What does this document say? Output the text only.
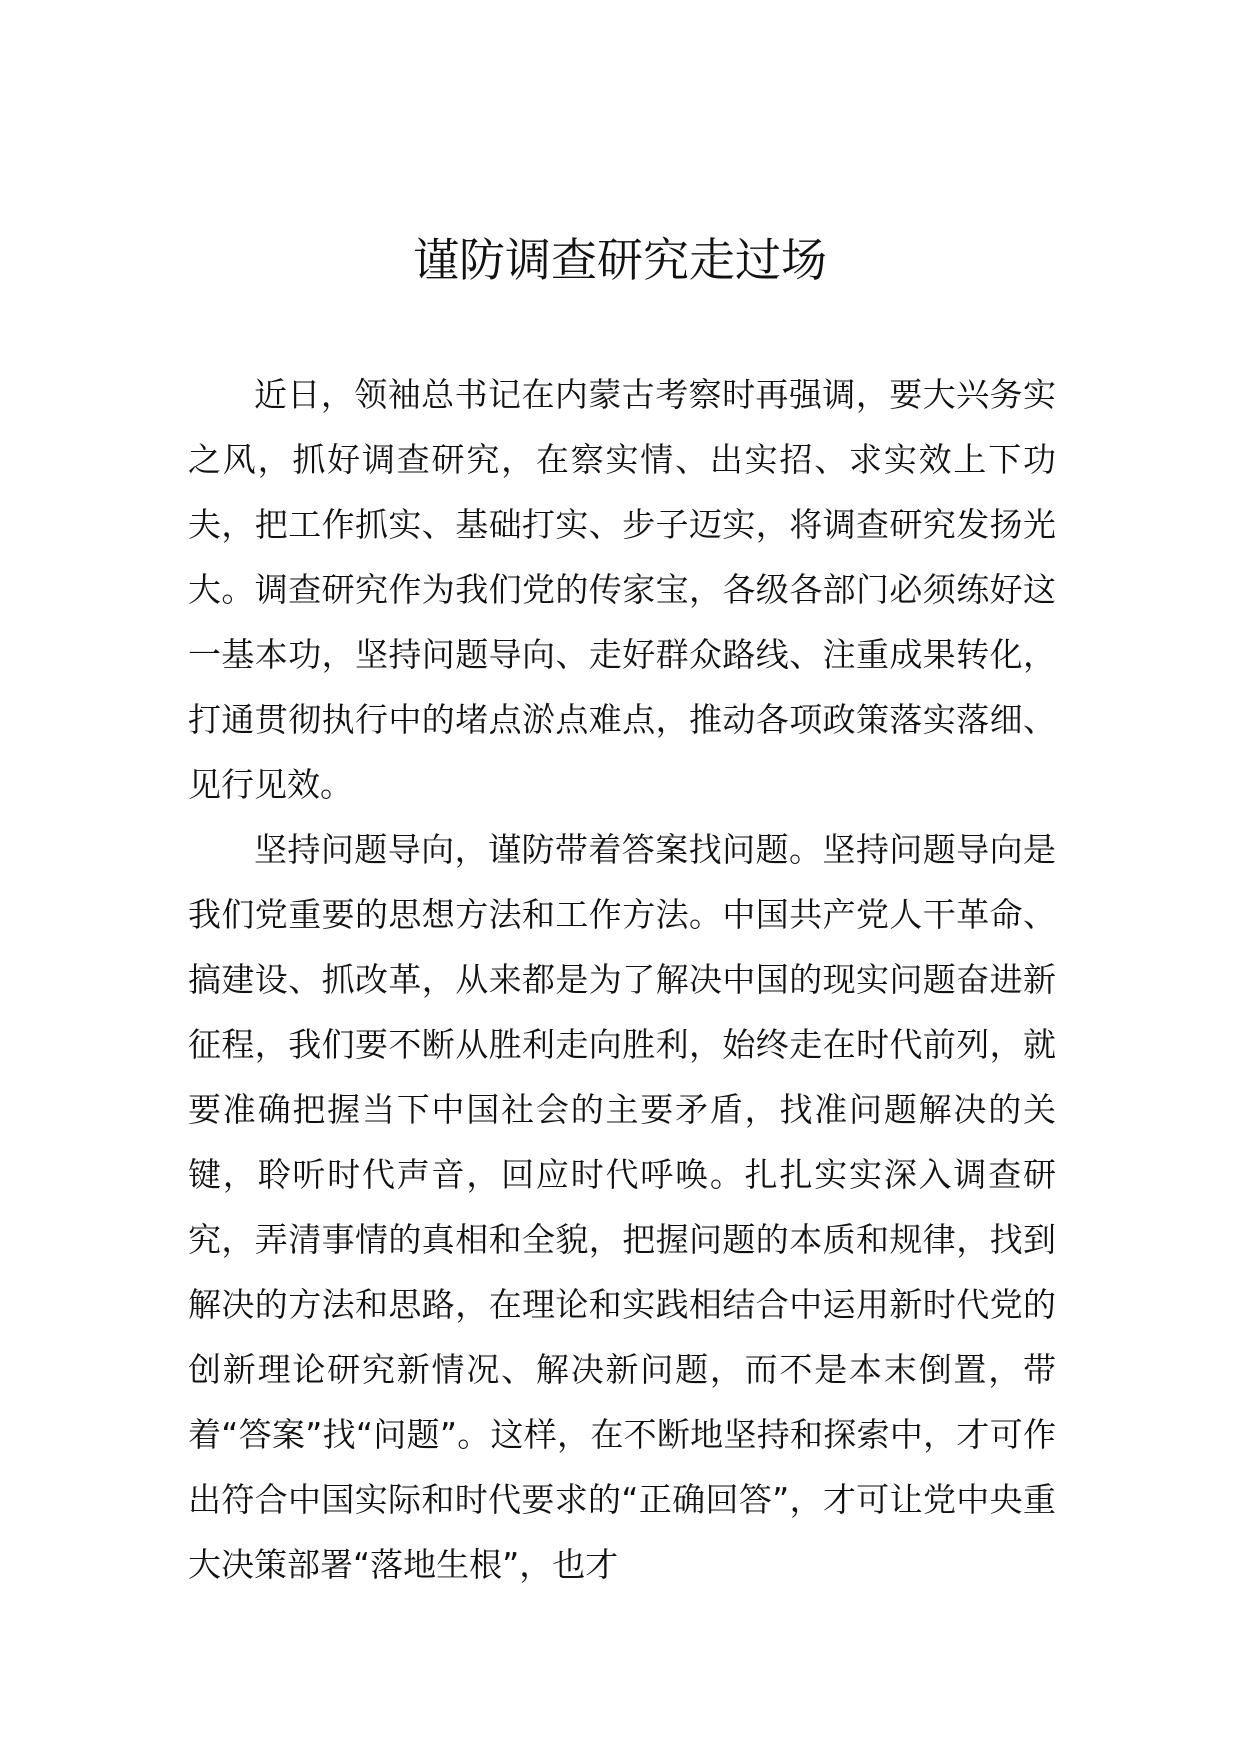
谨防调查研究走过场

近日，领袖总书记在内蒙古考察时再强调，要大兴务实之风，抓好调查研究，在察实情、出实招、求实效上下功夫，把工作抓实、基础打实、步子迈实，将调查研究发扬光大。调查研究作为我们党的传家宝，各级各部门必须练好这一基本功，坚持问题导向、走好群众路线、注重成果转化，打通贯彻执行中的堵点淤点难点，推动各项政策落实落细、见行见效。

坚持问题导向，谨防带着答案找问题。坚持问题导向是我们党重要的思想方法和工作方法。中国共产党人干革命、搞建设、抓改革，从来都是为了解决中国的现实问题奋进新征程，我们要不断从胜利走向胜利，始终走在时代前列，就要准确把握当下中国社会的主要矛盾，找准问题解决的关键，聆听时代声音，回应时代呼唤。扎扎实实深入调查研究，弄清事情的真相和全貌，把握问题的本质和规律，找到解决的方法和思路，在理论和实践相结合中运用新时代党的创新理论研究新情况、解决新问题，而不是本末倒置，带着“答案”找“问题”。这样，在不断地坚持和探索中，才可作出符合中国实际和时代要求的“正确回答”，才可让党中央重大决策部署“落地生根”，也才
